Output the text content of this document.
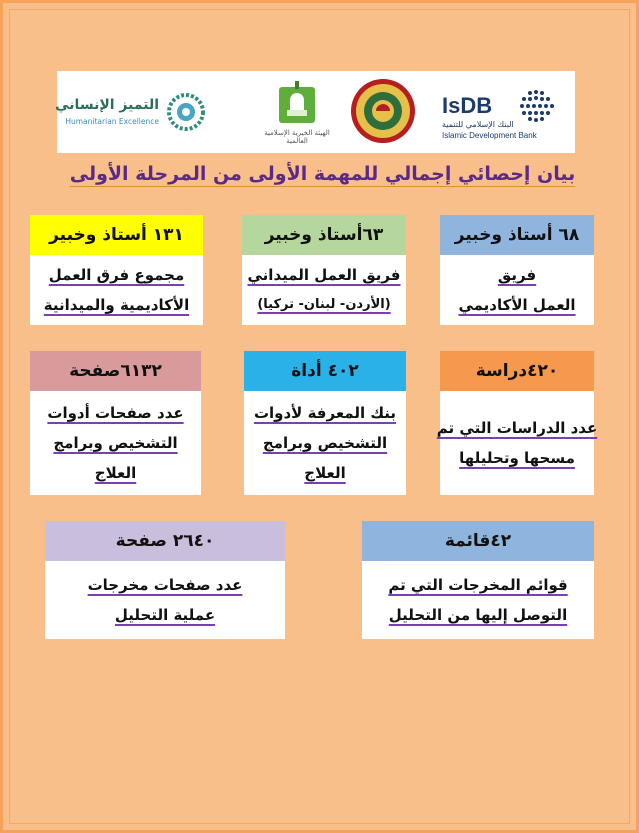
التميز الإنساني
Humanitarian Excellence
الهيئة الخيرية الإسلامية العالمية
IsDB
البنك الإسلامي للتنمية
Islamic Development Bank
بيان إحصائي إجمالي للمهمة الأولى من المرحلة الأولى
٦٨ أستاذ وخبير
فريق
العمل الأكاديمي
٦٣أستاذ وخبير
فريق العمل الميداني
(الأردن- لبنان- تركيا)
١٣١ أستاذ وخبير
مجموع فرق العمل
الأكاديمية والميدانية
٤٢٠دراسة
عدد الدراسات التي تم
مسحها وتحليلها
٤٠٢ أداة
بنك المعرفة لأدوات
التشخيص وبرامج
العلاج
٦١٣٢صفحة
عدد صفحات أدوات
التشخيص وبرامج
العلاج
٤٢قائمة
قوائم المخرجات التي تم
التوصل إليها من التحليل
٢٦٤٠ صفحة
عدد صفحات مخرجات
عملية التحليل
